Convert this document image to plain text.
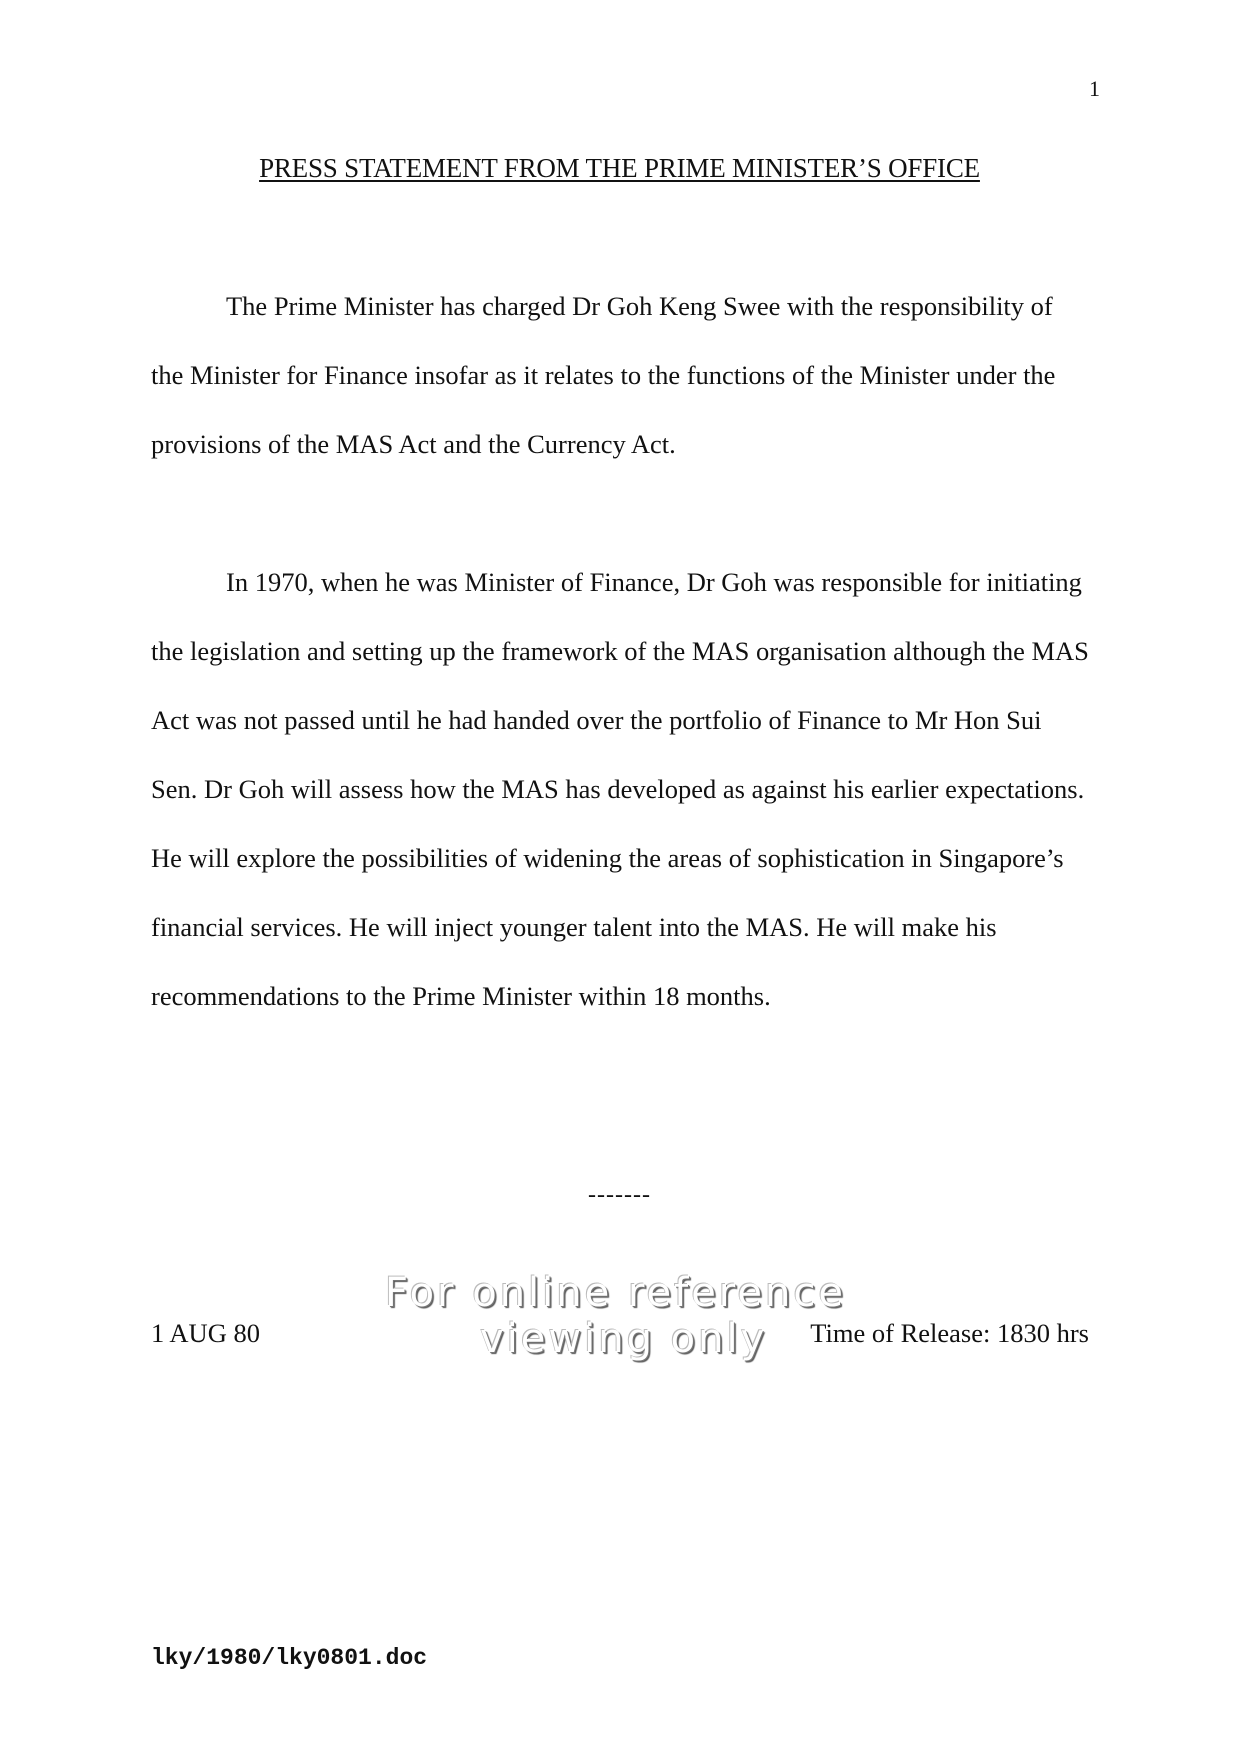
1
PRESS STATEMENT FROM THE PRIME MINISTER’S OFFICE

The Prime Minister has charged Dr Goh Keng Swee with the responsibility of the Minister for Finance insofar as it relates to the functions of the Minister under the provisions of the MAS Act and the Currency Act.

In 1970, when he was Minister of Finance, Dr Goh was responsible for initiating the legislation and setting up the framework of the MAS organisation although the MAS Act was not passed until he had handed over the portfolio of Finance to Mr Hon Sui Sen. Dr Goh will assess how the MAS has developed as against his earlier expectations. He will explore the possibilities of widening the areas of sophistication in Singapore’s financial services. He will inject younger talent into the MAS. He will make his recommendations to the Prime Minister within 18 months.

-------
1 AUG 80	Time of Release: 1830 hrs
For online reference
viewing only
lky/1980/lky0801.doc
